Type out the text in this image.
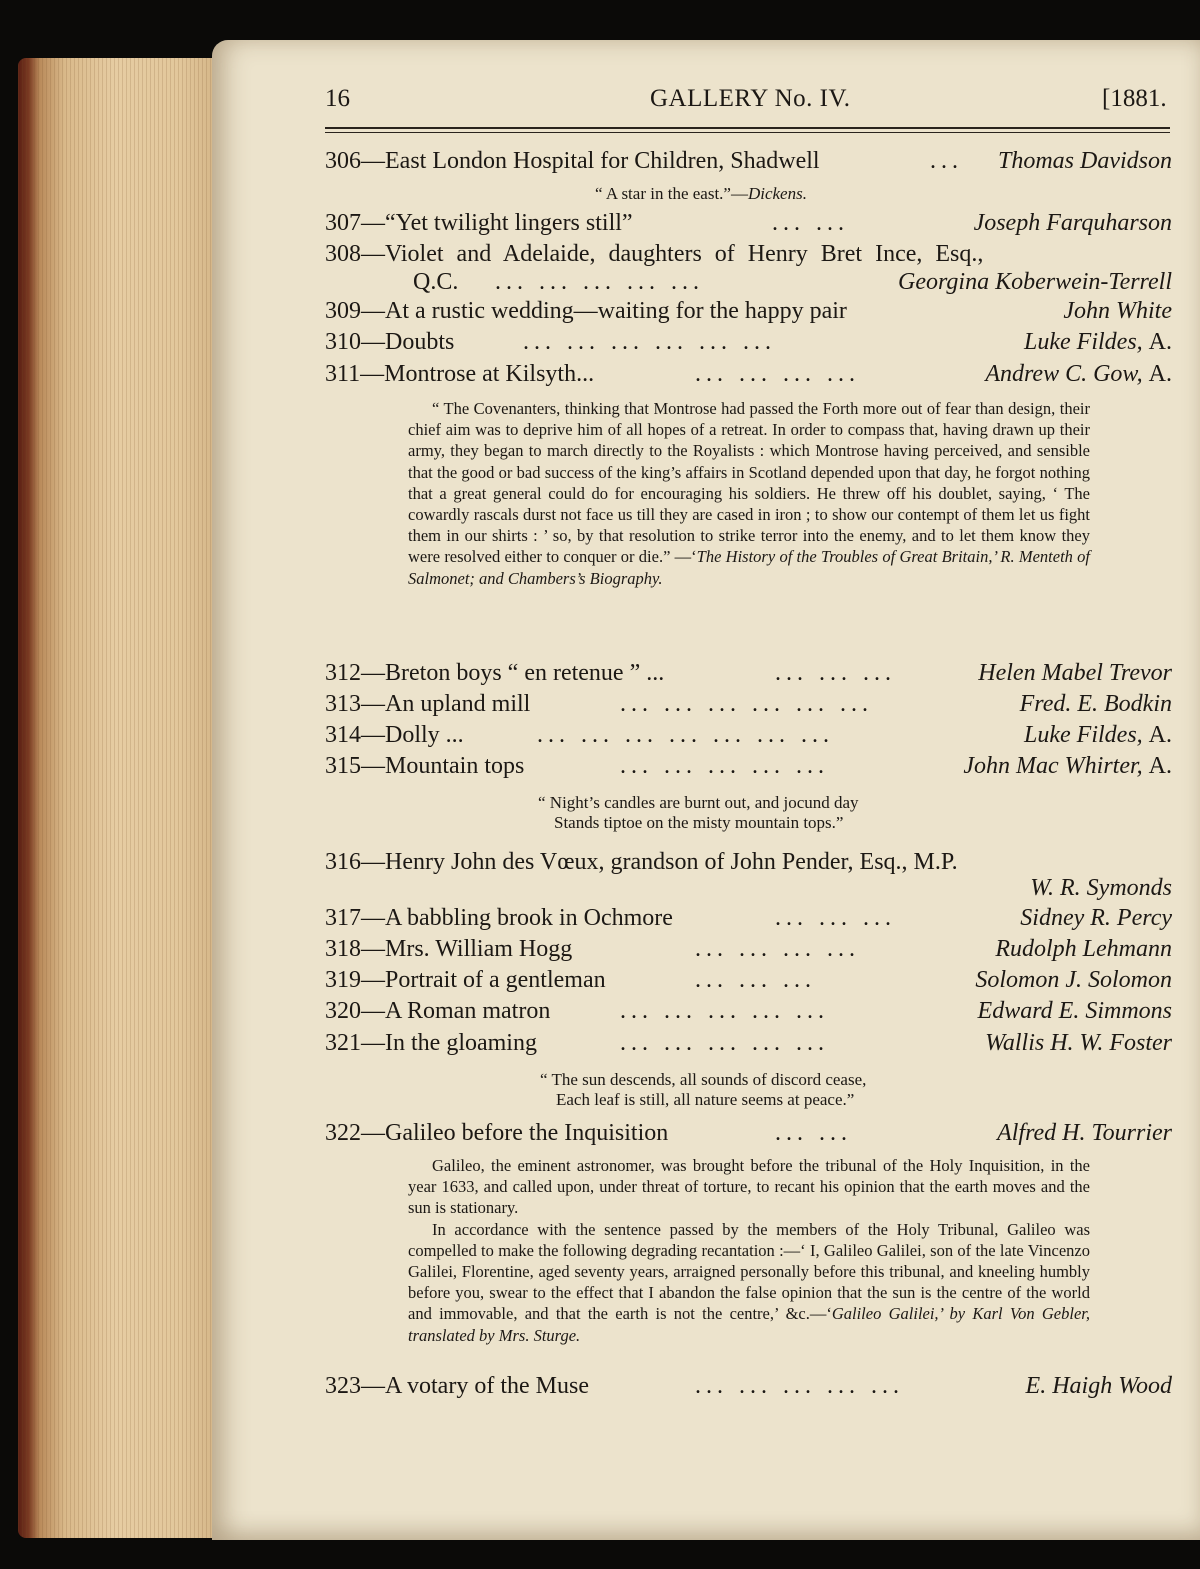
16	GALLERY No. IV.	[1881.
306—East London Hospital for Children, Shadwell	... Thomas Davidson
“ A star in the east.”—Dickens.
307—“Yet twilight lingers still”	... ...	Joseph Farquharson
308—Violet and Adelaide, daughters of Henry Bret Ince, Esq.,
Q.C. ... ... ... ... ...	Georgina Koberwein-Terrell
309—At a rustic wedding—waiting for the happy pair	John White
310—Doubts	... ... ... ... ... ...	Luke Fildes, A.
311—Montrose at Kilsyth...	... ... ... ...	Andrew C. Gow, A.

“ The Covenanters, thinking that Montrose had passed the Forth more out of fear than design, their chief aim was to deprive him of all hopes of a retreat. In order to compass that, having drawn up their army, they began to march directly to the Royalists : which Montrose having perceived, and sensible that the good or bad success of the king’s affairs in Scotland depended upon that day, he forgot nothing that a great general could do for encouraging his soldiers. He threw off his doublet, saying, ‘ The cowardly rascals durst not face us till they are cased in iron ; to show our contempt of them let us fight them in our shirts : ’ so, by that resolution to strike terror into the enemy, and to let them know they were resolved either to conquer or die.” —‘The History of the Troubles of Great Britain,’ R. Menteth of Salmonet; and Chambers’s Biography.

312—Breton boys “ en retenue ” ...	... ... ...	Helen Mabel Trevor
313—An upland mill	... ... ... ... ... ...	Fred. E. Bodkin
314—Dolly ...	... ... ... ... ... ... ...	Luke Fildes, A.
315—Mountain tops	... ... ... ... ...	John Mac Whirter, A.
“ Night’s candles are burnt out, and jocund day
Stands tiptoe on the misty mountain tops.”
316—Henry John des Vœux, grandson of John Pender, Esq., M.P.
W. R. Symonds
317—A babbling brook in Ochmore	... ... ...	Sidney R. Percy
318—Mrs. William Hogg	... ... ... ...	Rudolph Lehmann
319—Portrait of a gentleman	... ... ...	Solomon J. Solomon
320—A Roman matron	... ... ... ... ...	Edward E. Simmons
321—In the gloaming	... ... ... ... ...	Wallis H. W. Foster
“ The sun descends, all sounds of discord cease,
Each leaf is still, all nature seems at peace.”
322—Galileo before the Inquisition	... ...	Alfred H. Tourrier

Galileo, the eminent astronomer, was brought before the tribunal of the Holy Inquisition, in the year 1633, and called upon, under threat of torture, to recant his opinion that the earth moves and the sun is stationary.

In accordance with the sentence passed by the members of the Holy Tribunal, Galileo was compelled to make the following degrading recantation :—‘ I, Galileo Galilei, son of the late Vincenzo Galilei, Florentine, aged seventy years, arraigned personally before this tribunal, and kneeling humbly before you, swear to the effect that I abandon the false opinion that the sun is the centre of the world and immovable, and that the earth is not the centre,’ &c.—‘Galileo Galilei,’ by Karl Von Gebler, translated by Mrs. Sturge.

323—A votary of the Muse	... ... ... ... ...	E. Haigh Wood
